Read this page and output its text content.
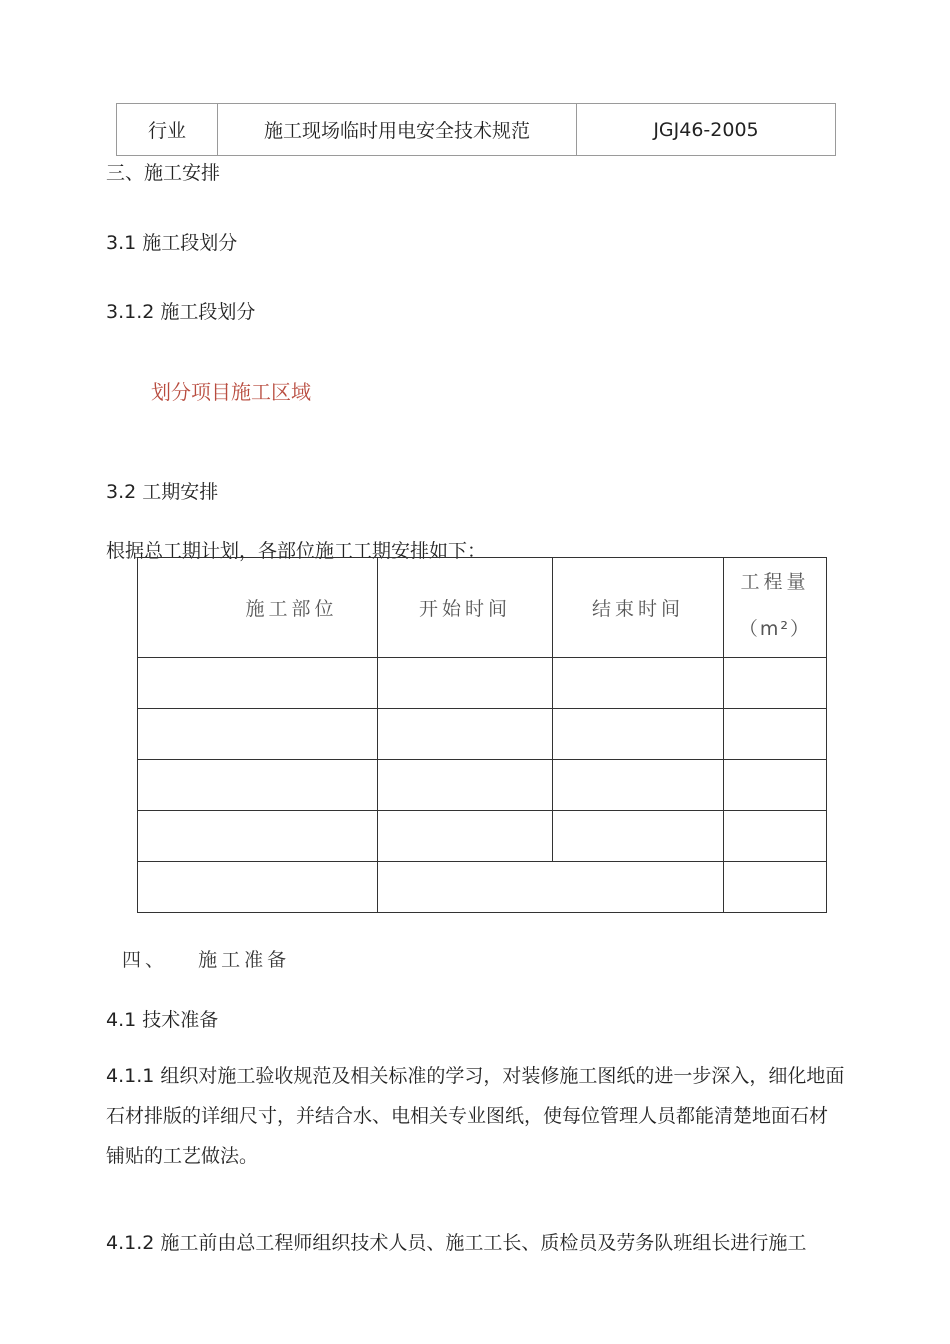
行业	施工现场临时用电安全技术规范	JGJ46-2005
三、施工安排
3.1 施工段划分
3.1.2 施工段划分
划分项目施工区域
3.2 工期安排
根据总工期计划，各部位施工工期安排如下：
施工部位	开始时间	结束时间	工程量
（m²）

四、   施工准备
4.1 技术准备
4.1.1 组织对施工验收规范及相关标准的学习，对装修施工图纸的进一步深入，细化地面石材排版的详细尺寸，并结合水、电相关专业图纸，使每位管理人员都能清楚地面石材铺贴的工艺做法。
4.1.2 施工前由总工程师组织技术人员、施工工长、质检员及劳务队班组长进行施工
